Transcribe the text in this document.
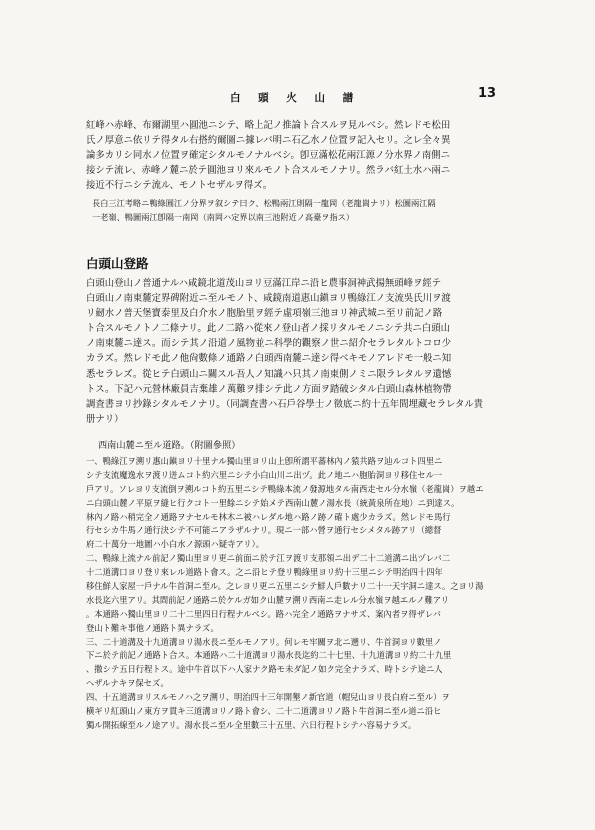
白 頭 火 山 譜	13
紅峰ハ赤峰、布爾湖里ハ圓池ニシテ、略上記ノ推論ト合スルヲ見ルベシ。然レドモ松田
氏ノ厚意ニ依リテ得タル右搭約爾圖ニ據レバ明ニ石乙水ノ位置ヲ記入セリ。之レ全々異
論多カリシ同水ノ位置ヲ確定シタルモノナルベシ。卽豆滿松花兩江源ノ分水界ノ南側ニ
接シテ流レ、赤峰ノ麓ニ於テ圓池ヨリ來ルモノト合スルモノナリ。然ラバ紅土水ハ兩ニ
接近不行ニシテ流ル、モノトセザルヲ得ズ。
長白三江考略ニ鴨綠圓江ノ分界ヲ叙シテ曰ク、松鴨兩江則隔一龍岡（老龍崗ナリ）松圖兩江隔
一老嶺、鴨圖兩江卽隔一南岡（南岡ハ定界以南三池附近ノ高臺ヲ指ス）
白頭山登路
白頭山登山ノ普通ナルハ咸鏡北道茂山ヨリ豆滿江岸ニ沿ヒ農事洞神武揚無頭峰ヲ經テ
白頭山ノ南東麓定界碑附近ニ至ルモノト、咸鏡南道惠山鎭ヨリ鴨綠江ノ支流吳氏川ヲ渡
リ劒水ノ普天堡寶泰里及白介水ノ胞胎里ヲ經テ虛項嶺三池ヨリ神武城ニ至リ前記ノ路
ト合スルモノトノ二條ナリ。此ノ二路ハ從來ノ登山者ノ採リタルモノニシテ共ニ白頭山
ノ南東麓ニ達ス。而シテ其ノ沿道ノ風物並ニ科學的觀察ノ世ニ紹介セラレタルトコロ少
カラズ。然レドモ此ノ他尙數條ノ通路ノ白頭西南麓ニ達シ得ベキモノアレドモ一般ニ知
悉セラレズ。從ヒテ白頭山ニ關スル吾人ノ知識ハ只其ノ南東側ノミニ限ラレタルヲ遺憾
トス。下記ハ元營林廠員吉棄雄ノ萬難ヲ排シテ此ノ方面ヲ踏破シタル白頭山森林植物帶
調査書ヨリ抄錄シタルモノナリ。（同調査書ハ石戶谷學士ノ徵底ニ約十五年間埋藏セラレタル貴
册ナリ）
西南山麓ニ至ル道路。（附圖參照）
一、鴨綠江ヲ溯リ惠山鎭ヨリ十里ナル獨山里ヨリ山上卽所謂平蕃林內ノ猿共路ヲ辿ルコト四里ニ
シテ支流魔逸水ヲ渡リ迸ムコト約六里ニシテ小白山川ニ出ヅ。此ノ地ニハ胞胎洞ヨリ移住セル一
戶アリ。ソレヨリ支流倒ヲ溯ルコト約五里ニシテ鴨綠本流ノ發源地タル南西走セル分水嶺（老龍崗）ヲ越エ
ニ白頭山麓ノ平原ヲ縫ヒ行クコト一里餘ニシテ始メテ西南山麓ノ湯水長（統黃泉所在地）ニ到達ス。
林內ノ路ハ稍完全ノ通路ヲナセルモ林木ニ被ハレダル地ハ路ノ跡ノ確ト處少カラズ。然レドモ馬行
行セシカ牛馬ノ通行決シテ不可能ニアラザルナリ。現ニ一部ハ營ヲ通行セシメタル跡アリ（總督
府二十萬分一地圖ハ小白水ノ源頭ハ疑寺アリ）。
二、鴨綠上流ナル前記ノ獨山里ヨリ更ニ前面ニ於テ江ヲ渡リ支那領ニ出デ二十二道溝ニ出ヅレバ二
十二道溝口ヨリ登リ來レル道路ト會ス。之ニ沿ヒテ登リ鴨綠里ヨリ約十三里ニシテ明治四十四年
移住鮮人家屋一戶ナル牛首洞ニ至ル。之レヨリ更ニ五里ニシテ鮮人戶數ナリ二十一天宇洞ニ達ス。之ヨリ湯
水長迄六里アリ。其間前記ノ通路ニ於ケルガ如ク山麓ヲ溯リ西南ニ走レル分水嶺ヲ越エルノ難アリ
。本通路ハ獨山里ヨリ二十二里四日行程ナルベシ。路ハ完全ノ通路ヲナサズ、案內者ヲ得ザレバ
登山ト難キ事他ノ通路ト異ナラズ。
三、二十道溝及十九道溝ヨリ湯水長ニ至ルモノアリ。何レモ牢關ヲ北ニ遡リ、牛首洞ヨリ數里ノ
下ニ於テ前記ノ通路ト合ス。本通路ハ二十道溝ヨリ湯水長迄約二十七里、十九道溝ヨリ約二十九里
、撒シテ五日行程トス。途中牛首以下ハ人家ナク路モ未ダ記ノ如ク完全ナラズ、時トシテ途ニ人
ヘザルナキヲ保セズ。
四、十五道溝ヨリスルモノハ之ヲ溯リ、明治四十三年開墾ノ新官道（帽兒山ヨリ長白府ニ至ル）ヲ
横ギリ紅頭山ノ東方ヲ貫キ三道溝ヨリノ路ト會シ、二十二道溝ヨリノ路ト牛首洞ニ至ル道ニ沿ヒ
獨ル開拓線至ルノ途アリ。湯水長ニ至ル全里數三十五里、六日行程トシテハ容易ナラズ。
